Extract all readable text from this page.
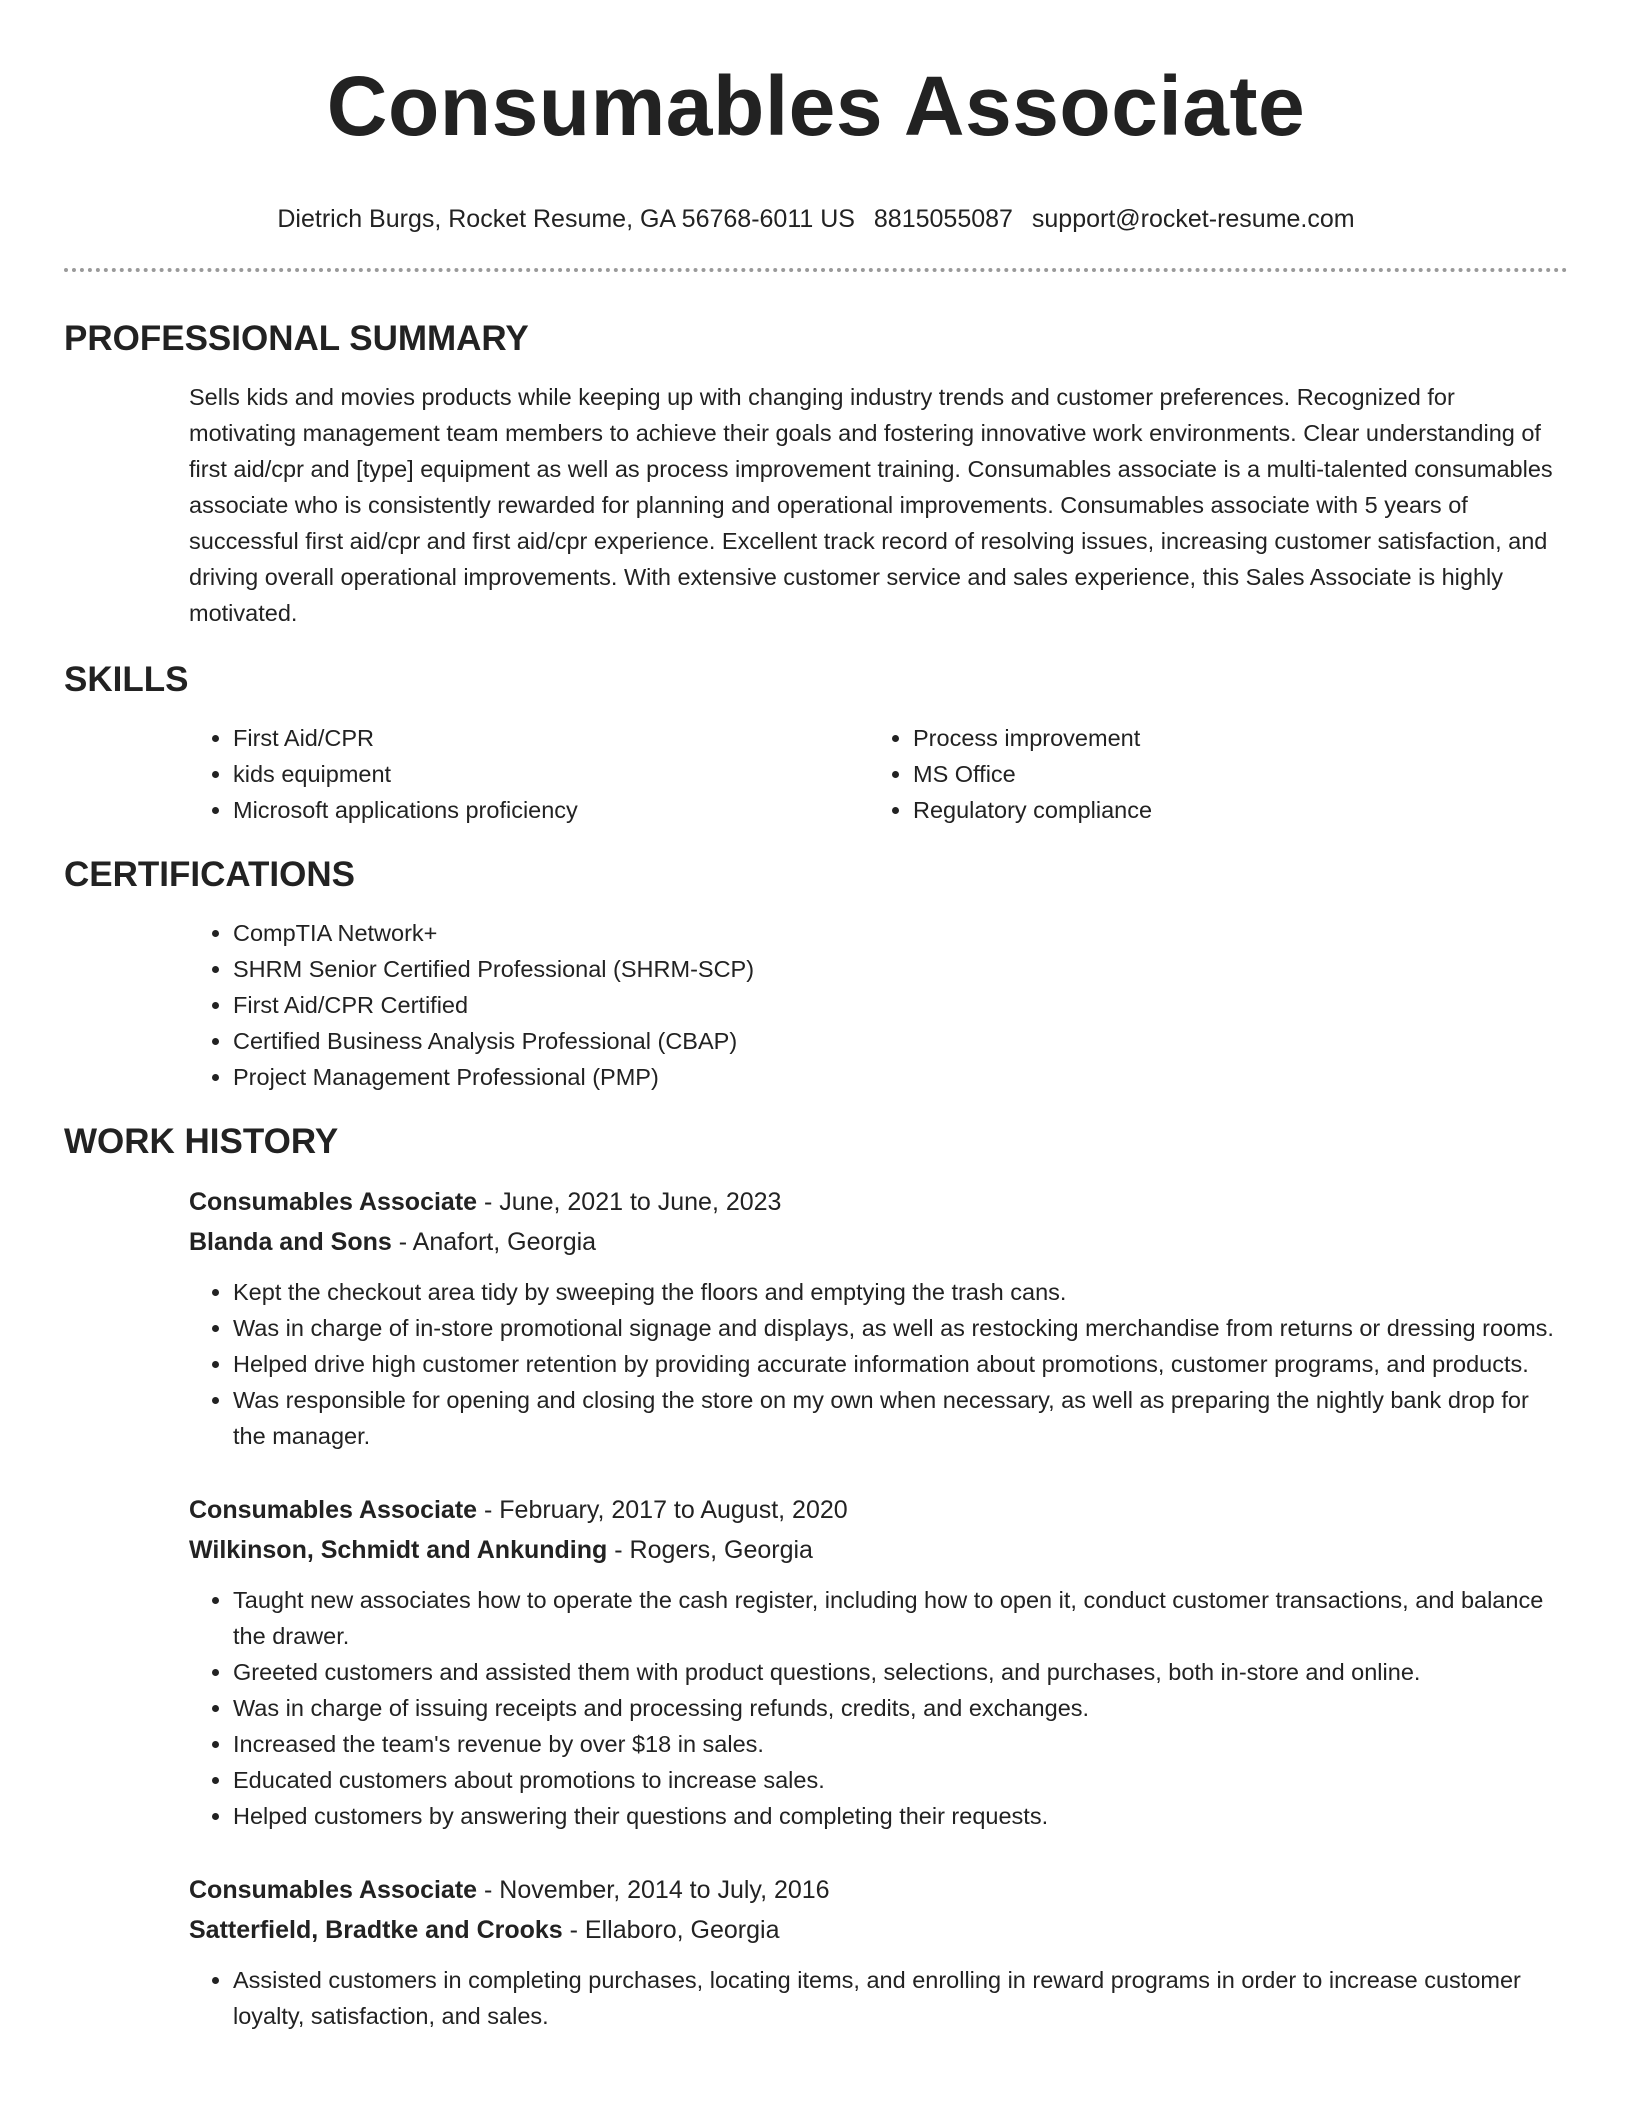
Consumables Associate
Dietrich Burgs, Rocket Resume, GA 56768-6011 US 8815055087 support@rocket-resume.com
PROFESSIONAL SUMMARY
Sells kids and movies products while keeping up with changing industry trends and customer preferences. Recognized for motivating management team members to achieve their goals and fostering innovative work environments. Clear understanding of first aid/cpr and [type] equipment as well as process improvement training. Consumables associate is a multi-talented consumables associate who is consistently rewarded for planning and operational improvements. Consumables associate with 5 years of successful first aid/cpr and first aid/cpr experience. Excellent track record of resolving issues, increasing customer satisfaction, and driving overall operational improvements. With extensive customer service and sales experience, this Sales Associate is highly motivated.
SKILLS
• First Aid/CPR
• kids equipment
• Microsoft applications proficiency
• Process improvement
• MS Office
• Regulatory compliance
CERTIFICATIONS
• CompTIA Network+
• SHRM Senior Certified Professional (SHRM-SCP)
• First Aid/CPR Certified
• Certified Business Analysis Professional (CBAP)
• Project Management Professional (PMP)
WORK HISTORY
Consumables Associate - June, 2021 to June, 2023
Blanda and Sons - Anafort, Georgia
• Kept the checkout area tidy by sweeping the floors and emptying the trash cans.
• Was in charge of in-store promotional signage and displays, as well as restocking merchandise from returns or dressing rooms.
• Helped drive high customer retention by providing accurate information about promotions, customer programs, and products.
• Was responsible for opening and closing the store on my own when necessary, as well as preparing the nightly bank drop for the manager.
Consumables Associate - February, 2017 to August, 2020
Wilkinson, Schmidt and Ankunding - Rogers, Georgia
• Taught new associates how to operate the cash register, including how to open it, conduct customer transactions, and balance the drawer.
• Greeted customers and assisted them with product questions, selections, and purchases, both in-store and online.
• Was in charge of issuing receipts and processing refunds, credits, and exchanges.
• Increased the team's revenue by over $18 in sales.
• Educated customers about promotions to increase sales.
• Helped customers by answering their questions and completing their requests.
Consumables Associate - November, 2014 to July, 2016
Satterfield, Bradtke and Crooks - Ellaboro, Georgia
• Assisted customers in completing purchases, locating items, and enrolling in reward programs in order to increase customer loyalty, satisfaction, and sales.
